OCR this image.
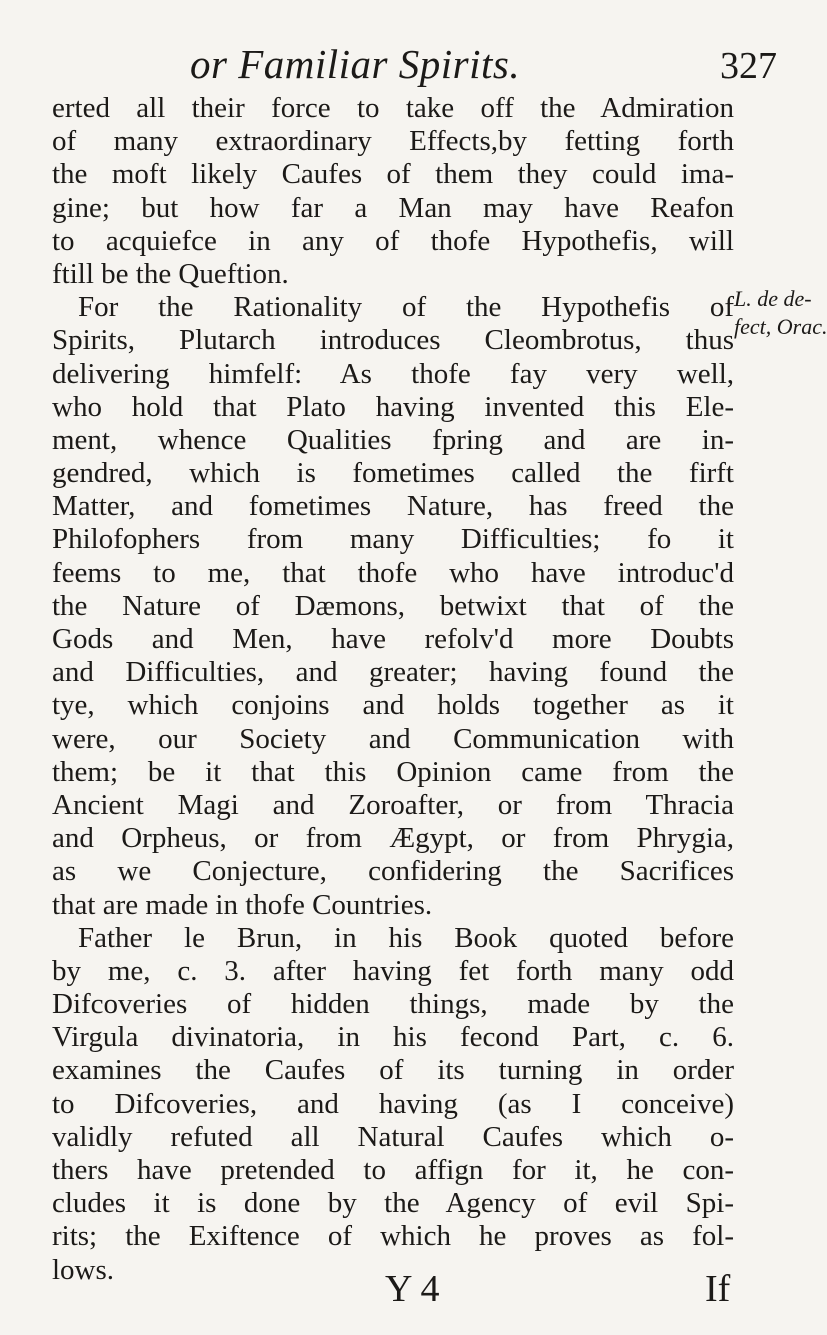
or Familiar Spirits.	327
L. de de-
fect, Orac.
erted all their force to take off the Admiration
of many extraordinary Effects,by fetting forth
the moft likely Caufes of them they could ima-
gine; but how far a Man may have Reafon
to acquiefce in any of thofe Hypothefis, will
ftill be the Queftion.
For the Rationality of the Hypothefis of
Spirits, Plutarch introduces Cleombrotus, thus
delivering himfelf: As thofe fay very well,
who hold that Plato having invented this Ele-
ment, whence Qualities fpring and are in-
gendred, which is fometimes called the firft
Matter, and fometimes Nature, has freed the
Philofophers from many Difficulties; fo it
feems to me, that thofe who have introduc'd
the Nature of Dæmons, betwixt that of the
Gods and Men, have refolv'd more Doubts
and Difficulties, and greater; having found the
tye, which conjoins and holds together as it
were, our Society and Communication with
them; be it that this Opinion came from the
Ancient Magi and Zoroafter, or from Thracia
and Orpheus, or from Ægypt, or from Phrygia,
as we Conjecture, confidering the Sacrifices
that are made in thofe Countries.
Father le Brun, in his Book quoted before
by me, c. 3. after having fet forth many odd
Difcoveries of hidden things, made by the
Virgula divinatoria, in his fecond Part, c. 6.
examines the Caufes of its turning in order
to Difcoveries, and having (as I conceive)
validly refuted all Natural Caufes which o-
thers have pretended to affign for it, he con-
cludes it is done by the Agency of evil Spi-
rits; the Exiftence of which he proves as fol-
lows.	Y 4	If
